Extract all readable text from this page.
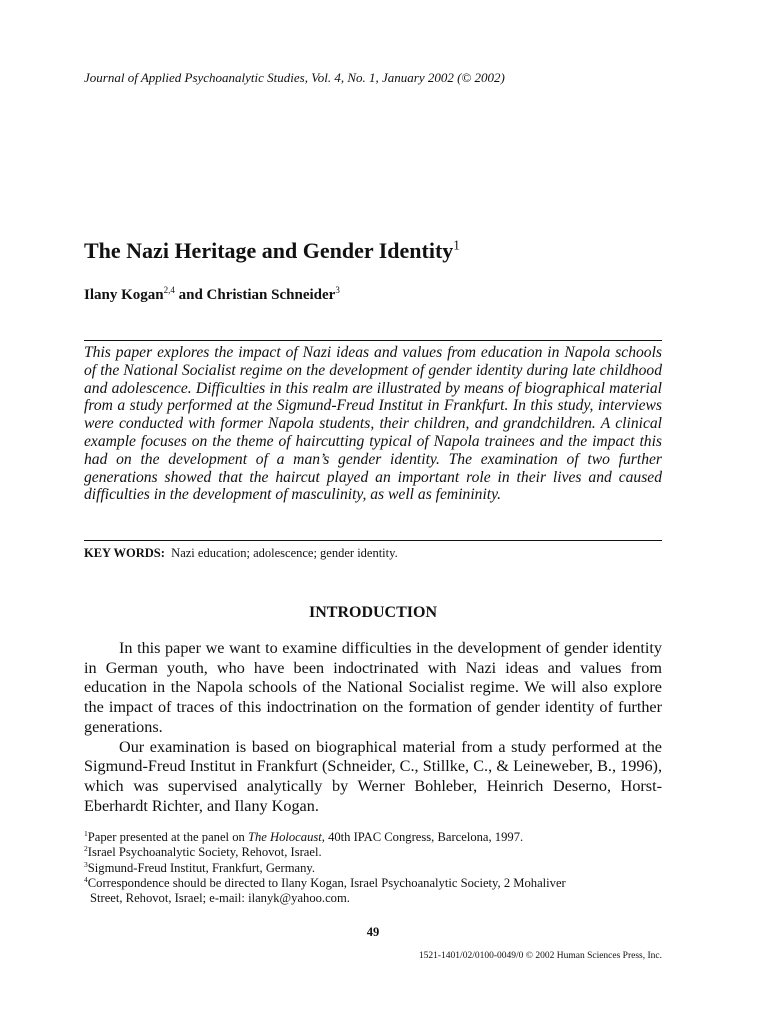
Journal of Applied Psychoanalytic Studies, Vol. 4, No. 1, January 2002 (© 2002)
The Nazi Heritage and Gender Identity$^1$
Ilany Kogan$^{2,4}$ and Christian Schneider$^3$

This paper explores the impact of Nazi ideas and values from education in Napola schools of the National Socialist regime on the development of gender identity during late childhood and adolescence. Difficulties in this realm are illustrated by means of biographical material from a study performed at the Sigmund-Freud Institut in Frankfurt. In this study, interviews were conducted with former Napola students, their children, and grandchildren. A clinical example focuses on the theme of haircutting typical of Napola trainees and the impact this had on the development of a man’s gender identity. The examination of two further generations showed that the haircut played an important role in their lives and caused difficulties in the development of masculinity, as well as femininity.

KEY WORDS: Nazi education; adolescence; gender identity.
INTRODUCTION

In this paper we want to examine difficulties in the development of gender identity in German youth, who have been indoctrinated with Nazi ideas and values from education in the Napola schools of the National Socialist regime. We will also explore the impact of traces of this indoctrination on the formation of gender identity of further generations.

Our examination is based on biographical material from a study performed at the Sigmund-Freud Institut in Frankfurt (Schneider, C., Stillke, C., & Leineweber, B., 1996), which was supervised analytically by Werner Bohleber, Heinrich Deserno, Horst-Eberhardt Richter, and Ilany Kogan.

$^1$Paper presented at the panel on The Holocaust, 40th IPAC Congress, Barcelona, 1997.

$^2$Israel Psychoanalytic Society, Rehovot, Israel.

$^3$Sigmund-Freud Institut, Frankfurt, Germany.

$^4$Correspondence should be directed to Ilany Kogan, Israel Psychoanalytic Society, 2 Mohaliver
Street, Rehovot, Israel; e-mail: ilanyk@yahoo.com.

49
1521-1401/02/0100-0049/0 © 2002 Human Sciences Press, Inc.
